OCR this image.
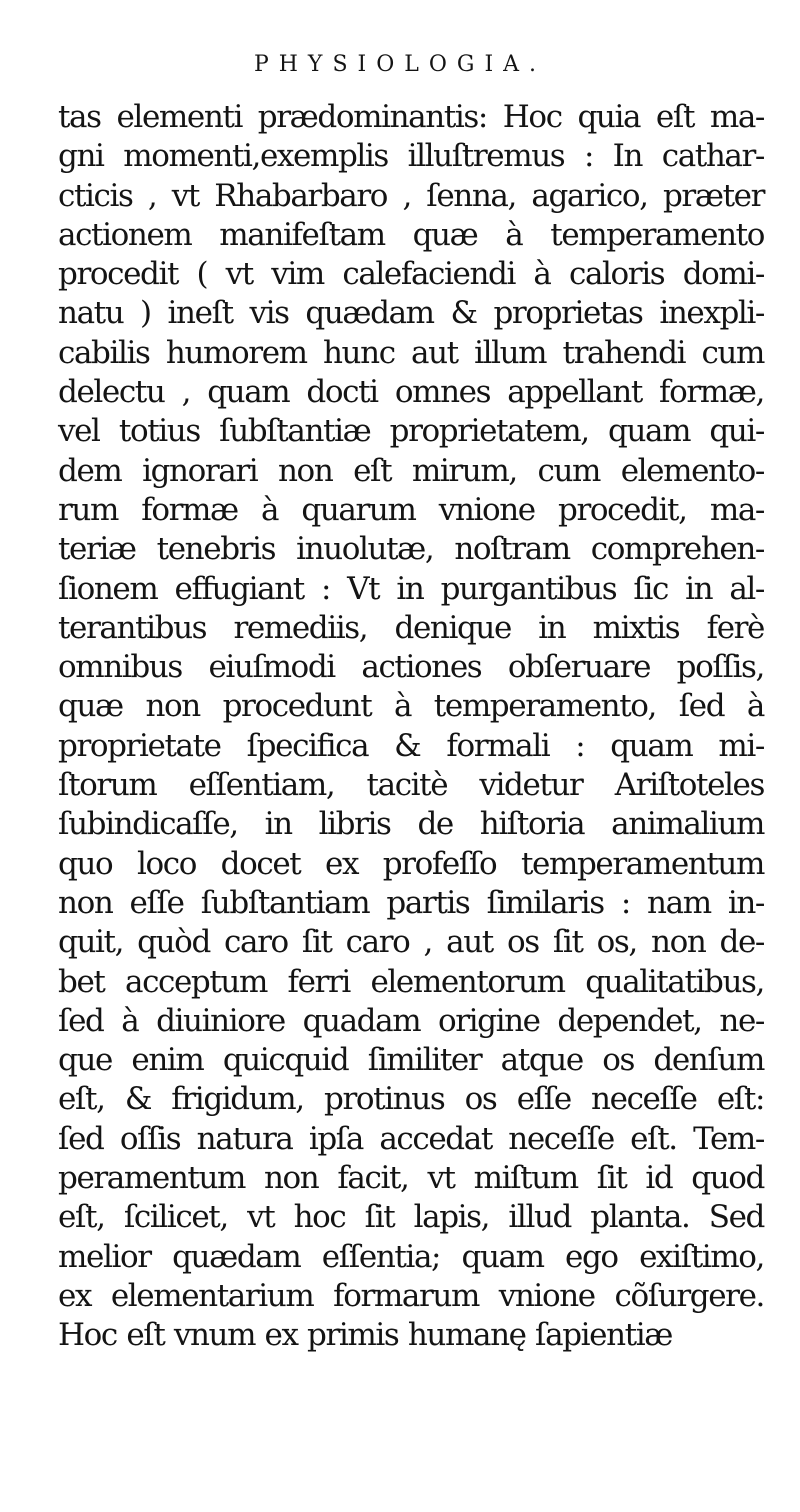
PHYSIOLOGIA.
tas elementi prædominantis: Hoc quia eſt ma-
gni momenti,exemplis illuſtremus : In cathar-
cticis , vt Rhabarbaro , ſenna, agarico, præter
actionem manifeſtam quæ à temperamento
procedit ( vt vim calefaciendi à caloris domi-
natu ) ineſt vis quædam & proprietas inexpli-
cabilis humorem hunc aut illum trahendi cum
delectu , quam docti omnes appellant formæ,
vel totius ſubſtantiæ proprietatem, quam qui-
dem ignorari non eſt mirum, cum elemento-
rum formæ à quarum vnione procedit, ma-
teriæ tenebris inuolutæ, noſtram comprehen-
ſionem effugiant : Vt in purgantibus ſic in al-
terantibus remediis, denique in mixtis ferè
omnibus eiuſmodi actiones obſeruare poſſis,
quæ non procedunt à temperamento, ſed à
proprietate ſpecifica & formali : quam mi-
ſtorum eſſentiam, tacitè videtur Ariſtoteles
ſubindicaſſe, in libris de hiſtoria animalium
quo loco docet ex profeſſo temperamentum
non eſſe ſubſtantiam partis ſimilaris : nam in-
quit, quòd caro ſit caro , aut os ſit os, non de-
bet acceptum ferri elementorum qualitatibus,
ſed à diuiniore quadam origine dependet, ne-
que enim quicquid ſimiliter atque os denſum
eſt, & frigidum, protinus os eſſe neceſſe eſt:
ſed oſſis natura ipſa accedat neceſſe eſt. Tem-
peramentum non facit, vt miſtum ſit id quod
eſt, ſcilicet, vt hoc ſit lapis, illud planta. Sed
melior quædam eſſentia; quam ego exiſtimo,
ex elementarium formarum vnione cõſurgere.
Hoc eſt vnum ex primis humanę ſapientiæ
